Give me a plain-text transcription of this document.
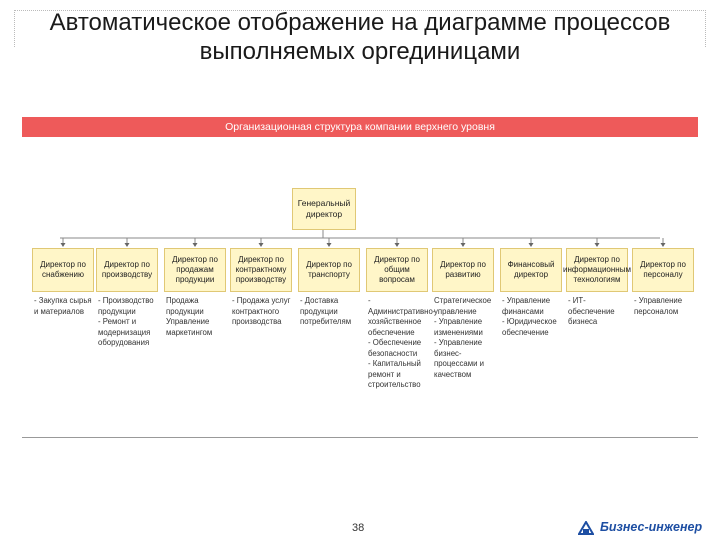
Автоматическое отображение на диаграмме процессов
выполняемых оргединицами
Организационная структура компании верхнего уровня
Генеральный директор
Директор по снабжению
- Закупка сырья и материалов
Директор по производству
- Производство продукции
- Ремонт и модернизация оборудования
Директор по продажам продукции
Продажа продукции
Управление маркетингом
Директор по контрактному производству
- Продажа услуг контрактного производства
Директор по транспорту
- Доставка продукции потребителям
Директор по общим вопросам
- Административно-хозяйственное обеспечение
- Обеспечение безопасности
- Капитальный ремонт и строительство
Директор по развитию
Стратегическое управление
- Управление изменениями
- Управление бизнес-процессами и качеством
Финансовый директор
- Управление финансами
- Юридическое обеспечение
Директор по информационным технологиям
- ИТ-обеспечение бизнеса
Директор по персоналу
- Управление персоналом
38	Бизнес-инженер
